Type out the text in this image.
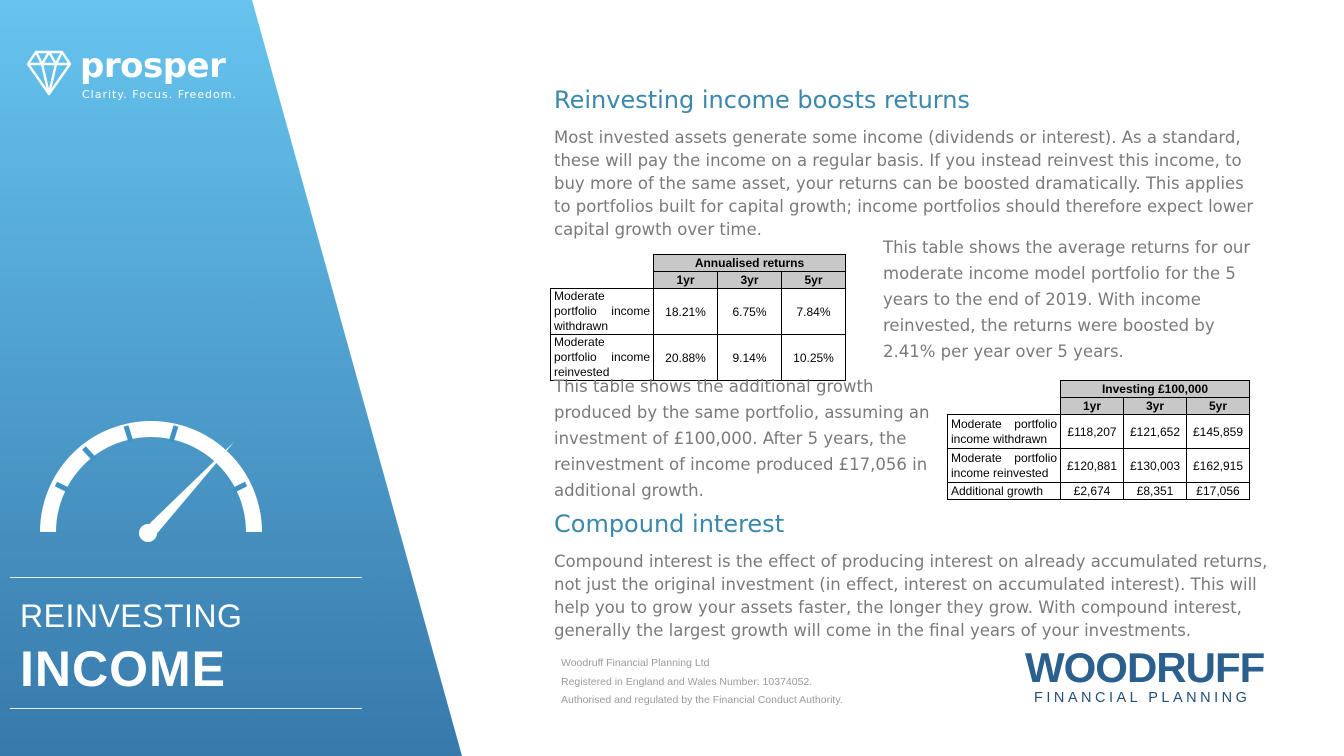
prosper
Clarity. Focus. Freedom.
REINVESTING
INCOME
Reinvesting income boosts returns
Most invested assets generate some income (dividends or interest). As a standard, these will pay the income on a regular basis. If you instead reinvest this income, to buy more of the same asset, your returns can be boosted dramatically. This applies to portfolios built for capital growth; income portfolios should therefore expect lower capital growth over time.
	Annualised returns		
	1yr	3yr	5yr
Moderate portfolio income withdrawn	18.21%	6.75%	7.84%
Moderate portfolio income reinvested	20.88%	9.14%	10.25%
This table shows the average returns for our moderate income model portfolio for the 5 years to the end of 2019. With income reinvested, the returns were boosted by 2.41% per year over 5 years.
This table shows the additional growth produced by the same portfolio, assuming an investment of £100,000. After 5 years, the reinvestment of income produced £17,056 in additional growth.
	Investing £100,000		
	1yr	3yr	5yr
Moderate portfolio income withdrawn	£118,207	£121,652	£145,859
Moderate portfolio income reinvested	£120,881	£130,003	£162,915
Additional growth	£2,674	£8,351	£17,056
Compound interest
Compound interest is the effect of producing interest on already accumulated returns, not just the original investment (in effect, interest on accumulated interest). This will help you to grow your assets faster, the longer they grow. With compound interest, generally the largest growth will come in the final years of your investments.
Woodruff Financial Planning Ltd
Registered in England and Wales Number: 10374052.
Authorised and regulated by the Financial Conduct Authority.
WOODRUFF
FINANCIAL PLANNING
